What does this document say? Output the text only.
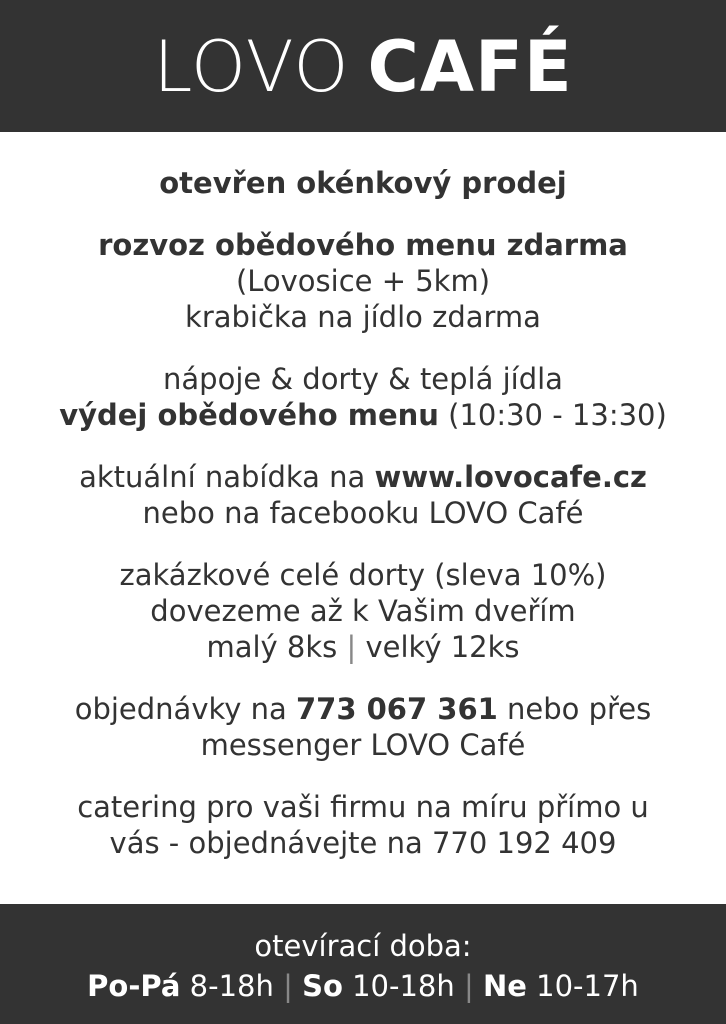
LOVO CAFÉ
otevřen okénkový prodej
rozvoz obědového menu zdarma
(Lovosice + 5km)
krabička na jídlo zdarma
nápoje & dorty & teplá jídla
výdej obědového menu (10:30 - 13:30)
aktuální nabídka na www.lovocafe.cz
nebo na facebooku LOVO Café
zakázkové celé dorty (sleva 10%)
dovezeme až k Vašim dveřím
malý 8ks | velký 12ks
objednávky na 773 067 361 nebo přes
messenger LOVO Café
catering pro vaši firmu na míru přímo u
vás - objednávejte na 770 192 409
otevírací doba:
Po-Pá 8-18h | So 10-18h | Ne 10-17h
